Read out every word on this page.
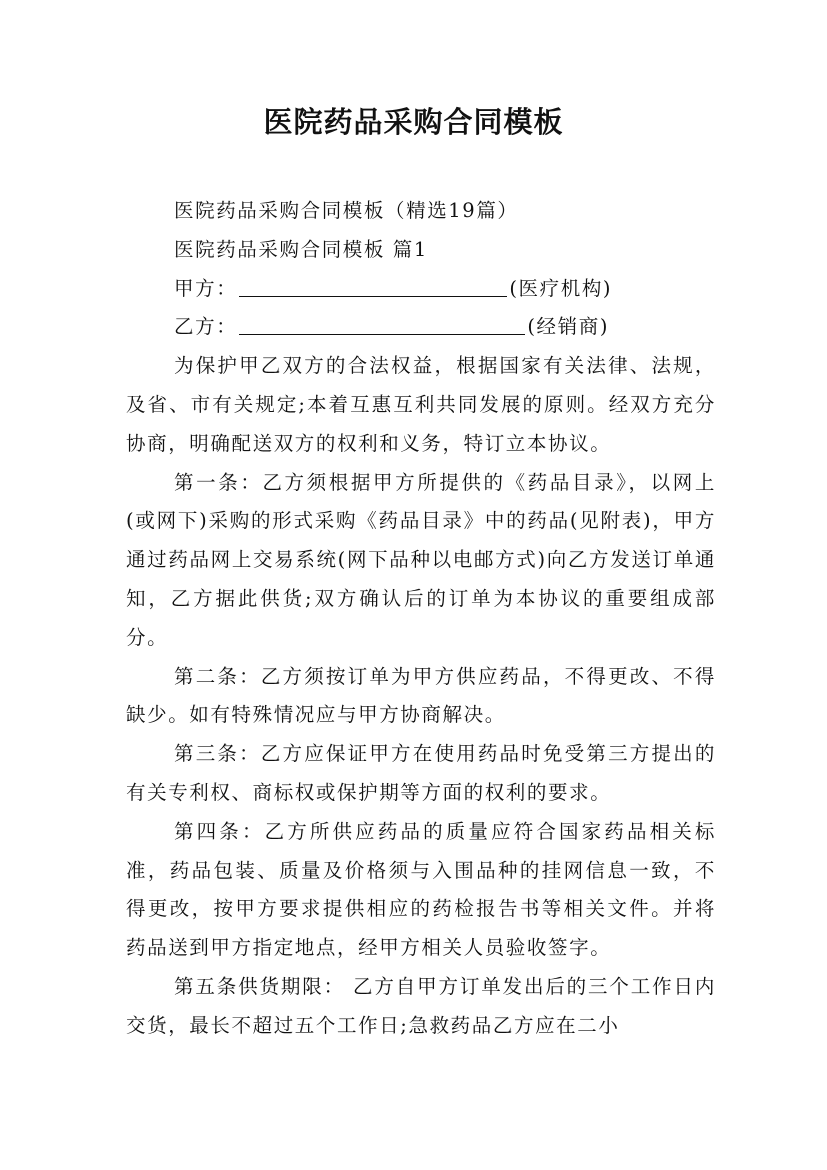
医院药品采购合同模板

医院药品采购合同模板（精选19篇）

医院药品采购合同模板 篇1

甲方：	(医疗机构)

乙方：	(经销商)

为保护甲乙双方的合法权益，根据国家有关法律、法规，及省、市有关规定;本着互惠互利共同发展的原则。经双方充分协商，明确配送双方的权利和义务，特订立本协议。

第一条：乙方须根据甲方所提供的《药品目录》，以网上(或网下)采购的形式采购《药品目录》中的药品(见附表)，甲方通过药品网上交易系统(网下品种以电邮方式)向乙方发送订单通知，乙方据此供货;双方确认后的订单为本协议的重要组成部分。

第二条：乙方须按订单为甲方供应药品，不得更改、不得缺少。如有特殊情况应与甲方协商解决。

第三条：乙方应保证甲方在使用药品时免受第三方提出的有关专利权、商标权或保护期等方面的权利的要求。

第四条：乙方所供应药品的质量应符合国家药品相关标准，药品包装、质量及价格须与入围品种的挂网信息一致，不得更改，按甲方要求提供相应的药检报告书等相关文件。并将药品送到甲方指定地点，经甲方相关人员验收签字。

第五条供货期限： 乙方自甲方订单发出后的三个工作日内交货，最长不超过五个工作日;急救药品乙方应在二小
